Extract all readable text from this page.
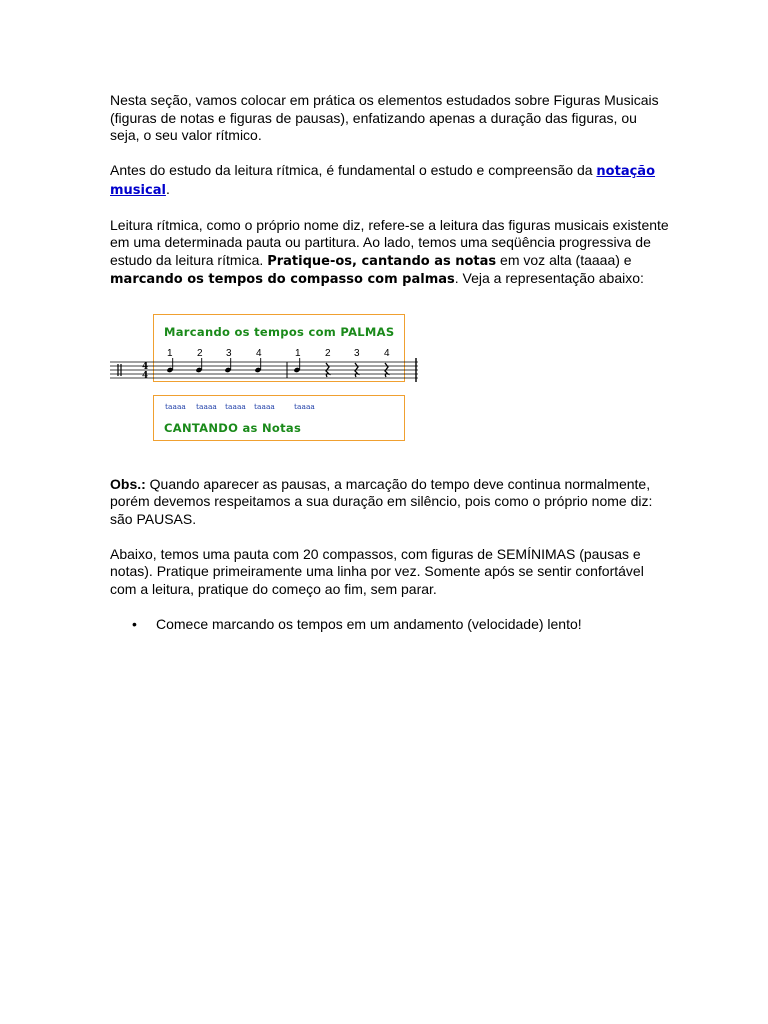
Nesta seção, vamos colocar em prática os elementos estudados sobre Figuras Musicais (figuras de notas e figuras de pausas), enfatizando apenas a duração das figuras, ou seja, o seu valor rítmico.

Antes do estudo da leitura rítmica, é fundamental o estudo e compreensão da notação musical.

Leitura rítmica, como o próprio nome diz, refere-se a leitura das figuras musicais existente em uma determinada pauta ou partitura. Ao lado, temos uma seqüência progressiva de estudo da leitura rítmica. Pratique-os, cantando as notas em voz alta (taaaa) e marcando os tempos do compasso com palmas. Veja a representação abaixo:

Marcando os tempos com PALMAS
CANTANDO as Notas
1 2 3 4	1 2 3 4
4
4
taaaa taaaa taaaa taaaa	taaaa

Obs.: Quando aparecer as pausas, a marcação do tempo deve continua normalmente, porém devemos respeitamos a sua duração em silêncio, pois como o próprio nome diz: são PAUSAS.

Abaixo, temos uma pauta com 20 compassos, com figuras de SEMÍNIMAS (pausas e notas). Pratique primeiramente uma linha por vez. Somente após se sentir confortável com a leitura, pratique do começo ao fim, sem parar.

• Comece marcando os tempos em um andamento (velocidade) lento!
